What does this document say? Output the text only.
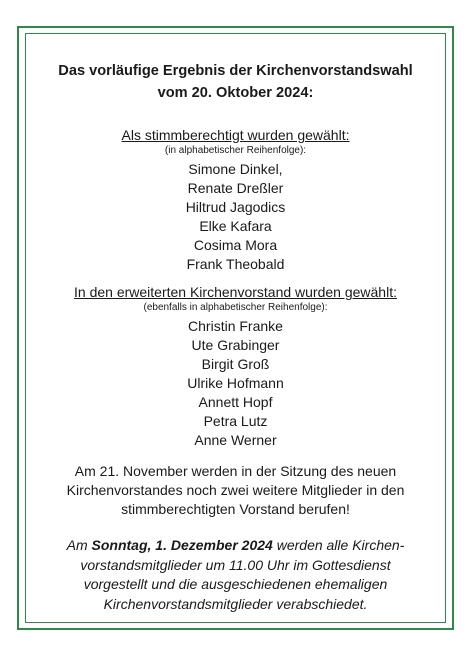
Das vorläufige Ergebnis der Kirchenvorstandswahl

vom 20. Oktober 2024:

Als stimmberechtigt wurden gewählt:

(in alphabetischer Reihenfolge):

Simone Dinkel,
Renate Dreßler
Hiltrud Jagodics
Elke Kafara
Cosima Mora
Frank Theobald

In den erweiterten Kirchenvorstand wurden gewählt:

(ebenfalls in alphabetischer Reihenfolge):

Christin Franke
Ute Grabinger
Birgit Groß
Ulrike Hofmann
Annett Hopf
Petra Lutz
Anne Werner

Am 21. November werden in der Sitzung des neuen

Kirchenvorstandes noch zwei weitere Mitglieder in den

stimmberechtigten Vorstand berufen!

Am Sonntag, 1. Dezember 2024 werden alle Kirchen-

vorstandsmitglieder um 11.00 Uhr im Gottesdienst

vorgestellt und die ausgeschiedenen ehemaligen

Kirchenvorstandsmitglieder verabschiedet.
